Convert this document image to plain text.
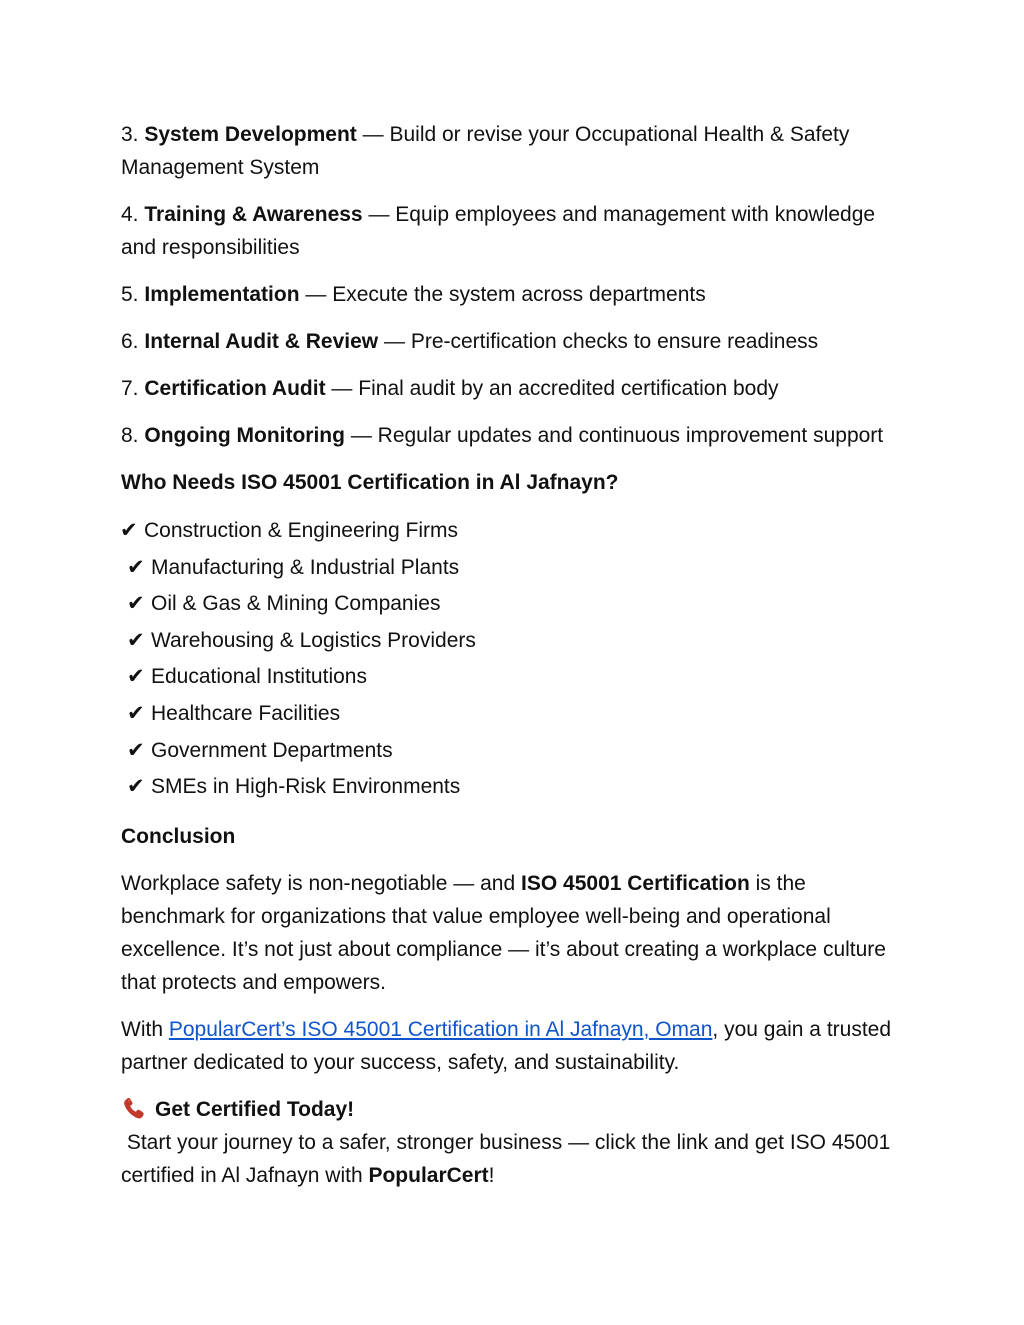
3. System Development — Build or revise your Occupational Health & Safety Management System
4. Training & Awareness — Equip employees and management with knowledge and responsibilities
5. Implementation — Execute the system across departments
6. Internal Audit & Review — Pre-certification checks to ensure readiness
7. Certification Audit — Final audit by an accredited certification body
8. Ongoing Monitoring — Regular updates and continuous improvement support
Who Needs ISO 45001 Certification in Al Jafnayn?
✔ Construction & Engineering Firms
✔ Manufacturing & Industrial Plants
✔ Oil & Gas & Mining Companies
✔ Warehousing & Logistics Providers
✔ Educational Institutions
✔ Healthcare Facilities
✔ Government Departments
✔ SMEs in High-Risk Environments
Conclusion

Workplace safety is non-negotiable — and ISO 45001 Certification is the benchmark for organizations that value employee well-being and operational excellence. It’s not just about compliance — it’s about creating a workplace culture that protects and empowers.

With PopularCert’s ISO 45001 Certification in Al Jafnayn, Oman, you gain a trusted partner dedicated to your success, safety, and sustainability.

Get Certified Today!

Start your journey to a safer, stronger business — click the link and get ISO 45001 certified in Al Jafnayn with PopularCert!
